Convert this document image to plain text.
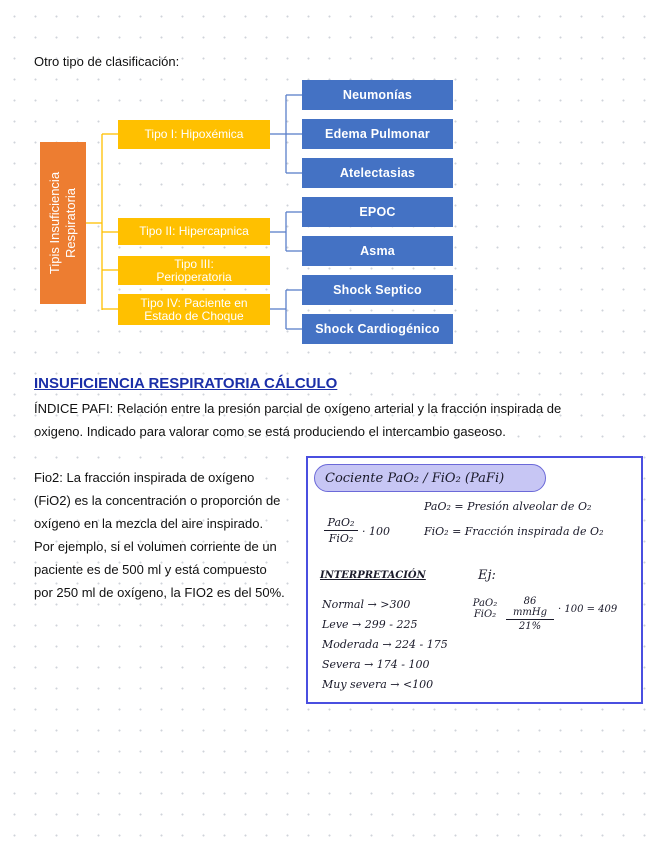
Otro tipo de clasificación:
Tipis Insuficiencia Respiratoria
Tipo I: Hipoxémica
Tipo II: Hipercapnica
Tipo III:
Perioperatoria
Tipo IV: Paciente en
Estado de Choque
Neumonías
Edema Pulmonar
Atelectasias
EPOC
Asma
Shock Septico
Shock Cardiogénico
INSUFICIENCIA RESPIRATORIA CÁLCULO
ÍNDICE PAFI: Relación entre la presión parcial de oxígeno arterial y la fracción inspirada de oxigeno. Indicado para valorar como se está produciendo el intercambio gaseoso.
Fio2: La fracción inspirada de oxígeno (FiO2) es la concentración o proporción de oxígeno en la mezcla del aire inspirado. Por ejemplo, si el volumen corriente de un paciente es de 500 ml y está compuesto por 250 ml de oxígeno, la FIO2 es del 50%.
Cociente PaO₂ / FiO₂ (PaFi)
PaO₂ = Presión alveolar de O₂
FiO₂ = Fracción inspirada de O₂
PaO₂
FiO₂
· 100
INTERPRETACIÓN	Ej:
Normal → >300
Leve → 299 - 225
Moderada → 224 - 175
Severa → 174 - 100
Muy severa → <100
PaO₂
FiO₂
86 mmHg
21%
· 100 = 409
